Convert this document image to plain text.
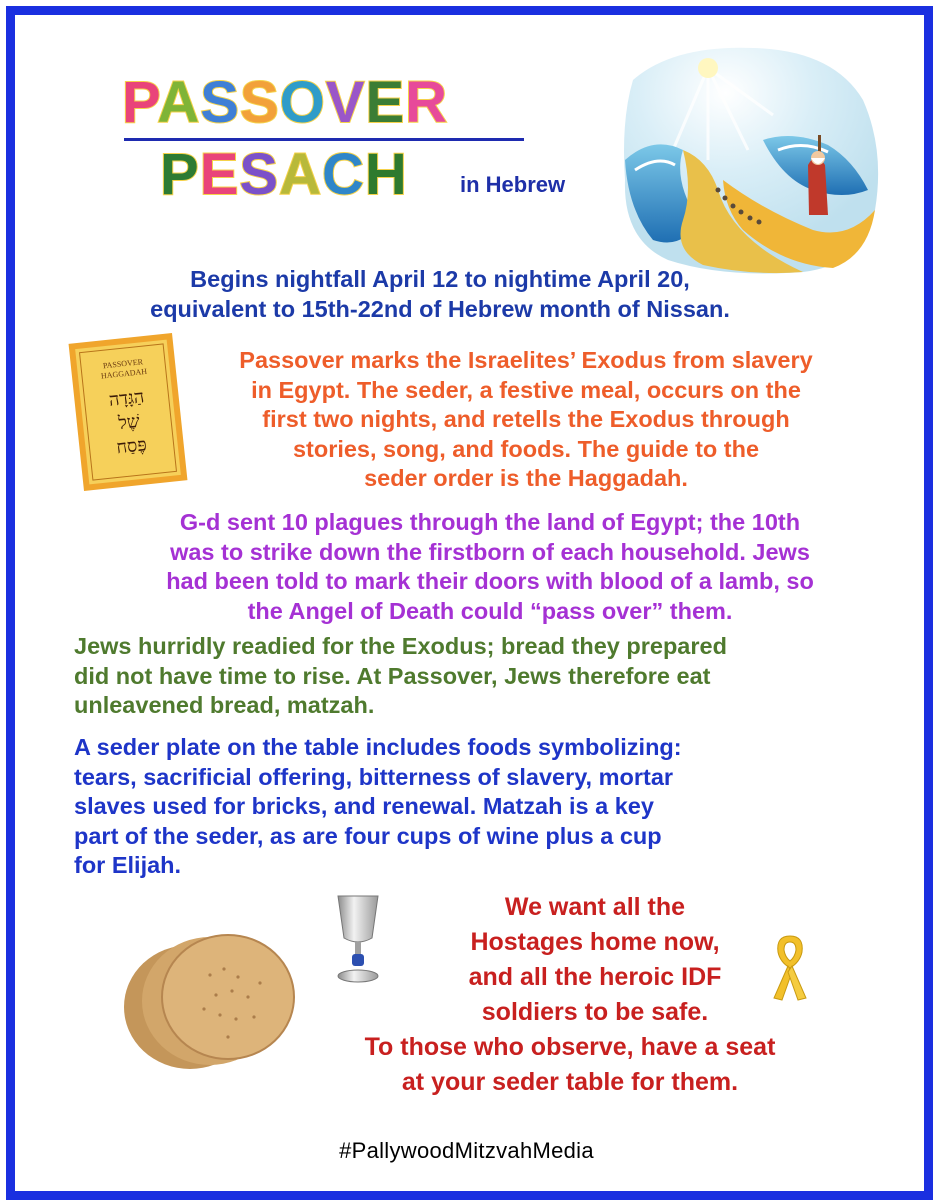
PASSOVER
PESACH in Hebrew
Begins nightfall April 12 to nightime April 20,
equivalent to 15th-22nd of Hebrew month of Nissan.
PASSOVER
HAGGADAH
הַגָּדָה
שֶׁל
פֶּסַח
Passover marks the Israelites’ Exodus from slavery
in Egypt. The seder, a festive meal, occurs on the
first two nights, and retells the Exodus through
stories, song, and foods. The guide to the
seder order is the Haggadah.
G-d sent 10 plagues through the land of Egypt; the 10th
was to strike down the firstborn of each household. Jews
had been told to mark their doors with blood of a lamb, so
the Angel of Death could “pass over” them.
Jews hurridly readied for the Exodus; bread they prepared
did not have time to rise. At Passover, Jews therefore eat
unleavened bread, matzah.
A seder plate on the table includes foods symbolizing:
tears, sacrificial offering, bitterness of slavery, mortar
slaves used for bricks, and renewal. Matzah is a key
part of the seder, as are four cups of wine plus a cup
for Elijah.
We want all the
Hostages home now,
and all the heroic IDF
soldiers to be safe.
To those who observe, have a seat
at your seder table for them.
#PallywoodMitzvahMedia
